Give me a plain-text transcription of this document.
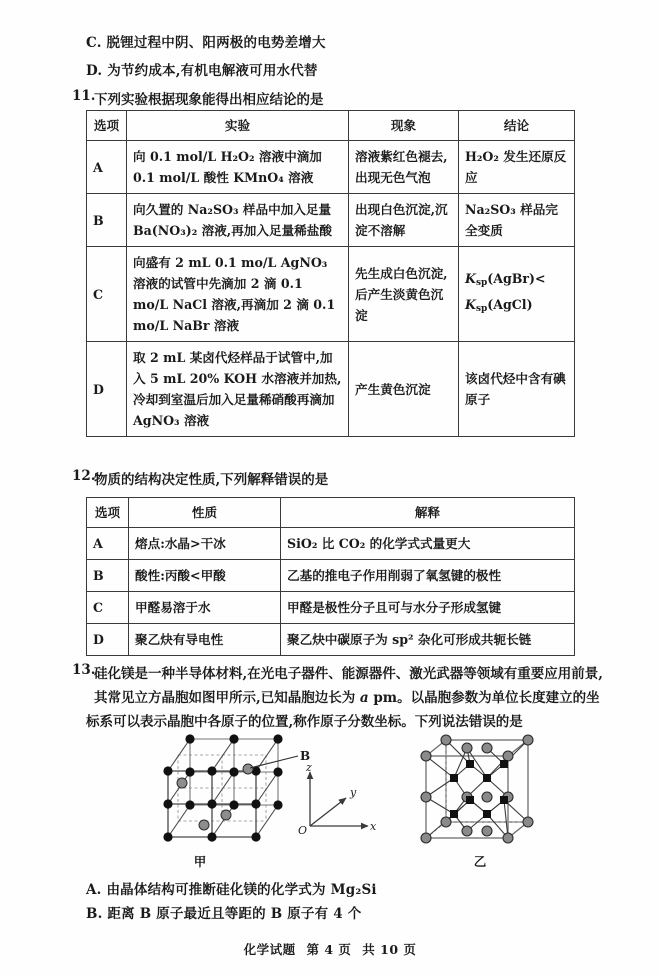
C. 脱锂过程中阴、阳两极的电势差增大
D. 为节约成本,有机电解液可用水代替
11.
下列实验根据现象能得出相应结论的是
选项	实验	现象	结论
A	向 0.1 mol/L H₂O₂ 溶液中滴加 0.1 mol/L 酸性 KMnO₄ 溶液	溶液紫红色褪去,出现无色气泡	H₂O₂ 发生还原反应
B	向久置的 Na₂SO₃ 样品中加入足量 Ba(NO₃)₂ 溶液,再加入足量稀盐酸	出现白色沉淀,沉淀不溶解	Na₂SO₃ 样品完全变质
C	向盛有 2 mL 0.1 mo/L AgNO₃ 溶液的试管中先滴加 2 滴 0.1 mo/L NaCl 溶液,再滴加 2 滴 0.1 mo/L NaBr 溶液	先生成白色沉淀,后产生淡黄色沉淀	$K_{sp}(AgBr)<$
$K_{sp}(AgCl)$
D	取 2 mL 某卤代烃样品于试管中,加入 5 mL 20% KOH 水溶液并加热,冷却到室温后加入足量稀硝酸再滴加 AgNO₃ 溶液	产生黄色沉淀	该卤代烃中含有碘原子
12.
物质的结构决定性质,下列解释错误的是
选项	性质	解释
A	熔点:水晶>干冰	SiO₂ 比 CO₂ 的化学式式量更大
B	酸性:丙酸<甲酸	乙基的推电子作用削弱了氧氢键的极性
C	甲醛易溶于水	甲醛是极性分子且可与水分子形成氢键
D	聚乙炔有导电性	聚乙炔中碳原子为 sp² 杂化可形成共轭长链
13.
硅化镁是一种半导体材料,在光电子器件、能源器件、激光武器等领域有重要应用前景,
其常见立方晶胞如图甲所示,已知晶胞边长为 a pm。以晶胞参数为单位长度建立的坐
标系可以表示晶胞中各原子的位置,称作原子分数坐标。下列说法错误的是
B
甲
z
y
x
O
乙
A. 由晶体结构可推断硅化镁的化学式为 Mg₂Si
B. 距离 B 原子最近且等距的 B 原子有 4 个
化学试题 第 4 页 共 10 页
